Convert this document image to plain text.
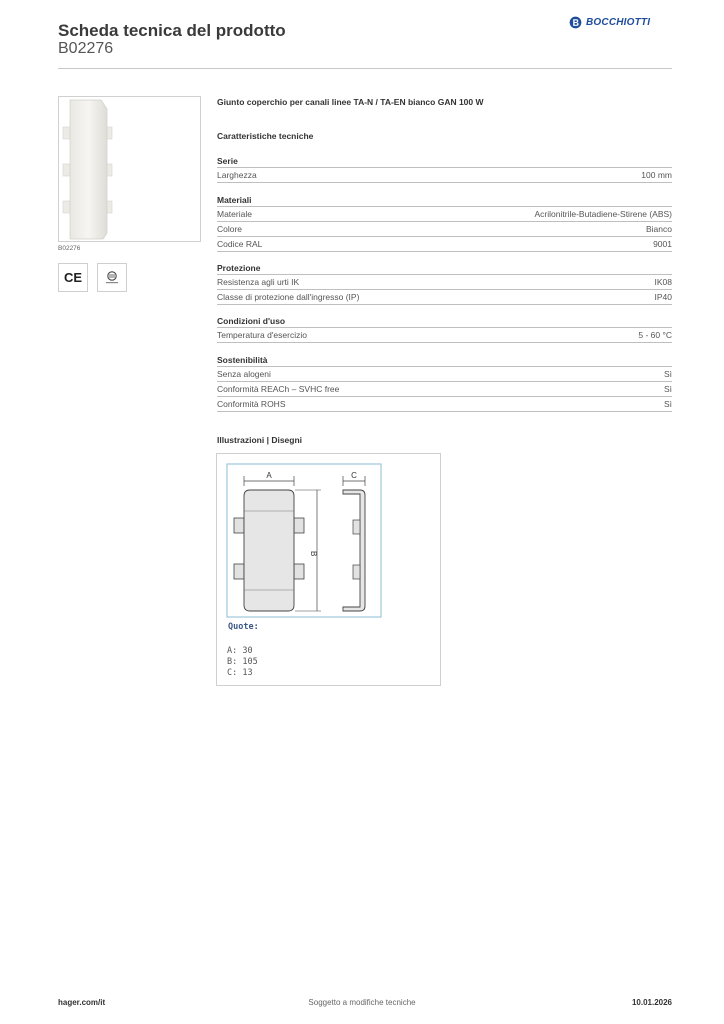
Scheda tecnica del prodotto
B02276
BOCCHIOTTI
B02276
CE
Giunto coperchio per canali linee TA-N / TA-EN bianco GAN 100 W
Caratteristiche tecniche
Serie
Larghezza	100 mm
Materiali
Materiale	Acrilonitrile-Butadiene-Stirene (ABS)
Colore	Bianco
Codice RAL	9001
Protezione
Resistenza agli urti IK	IK08
Classe di protezione dall'ingresso (IP)	IP40
Condizioni d'uso
Temperatura d'esercizio	5 - 60 °C
Sostenibilità
Senza alogeni	Sì
Conformità REACh – SVHC free	Sì
Conformità ROHS	Sì
Illustrazioni | Disegni
A
B
C
Quote:
A: 30
B: 105
C: 13
hager.com/it	Soggetto a modifiche tecniche	10.01.2026
